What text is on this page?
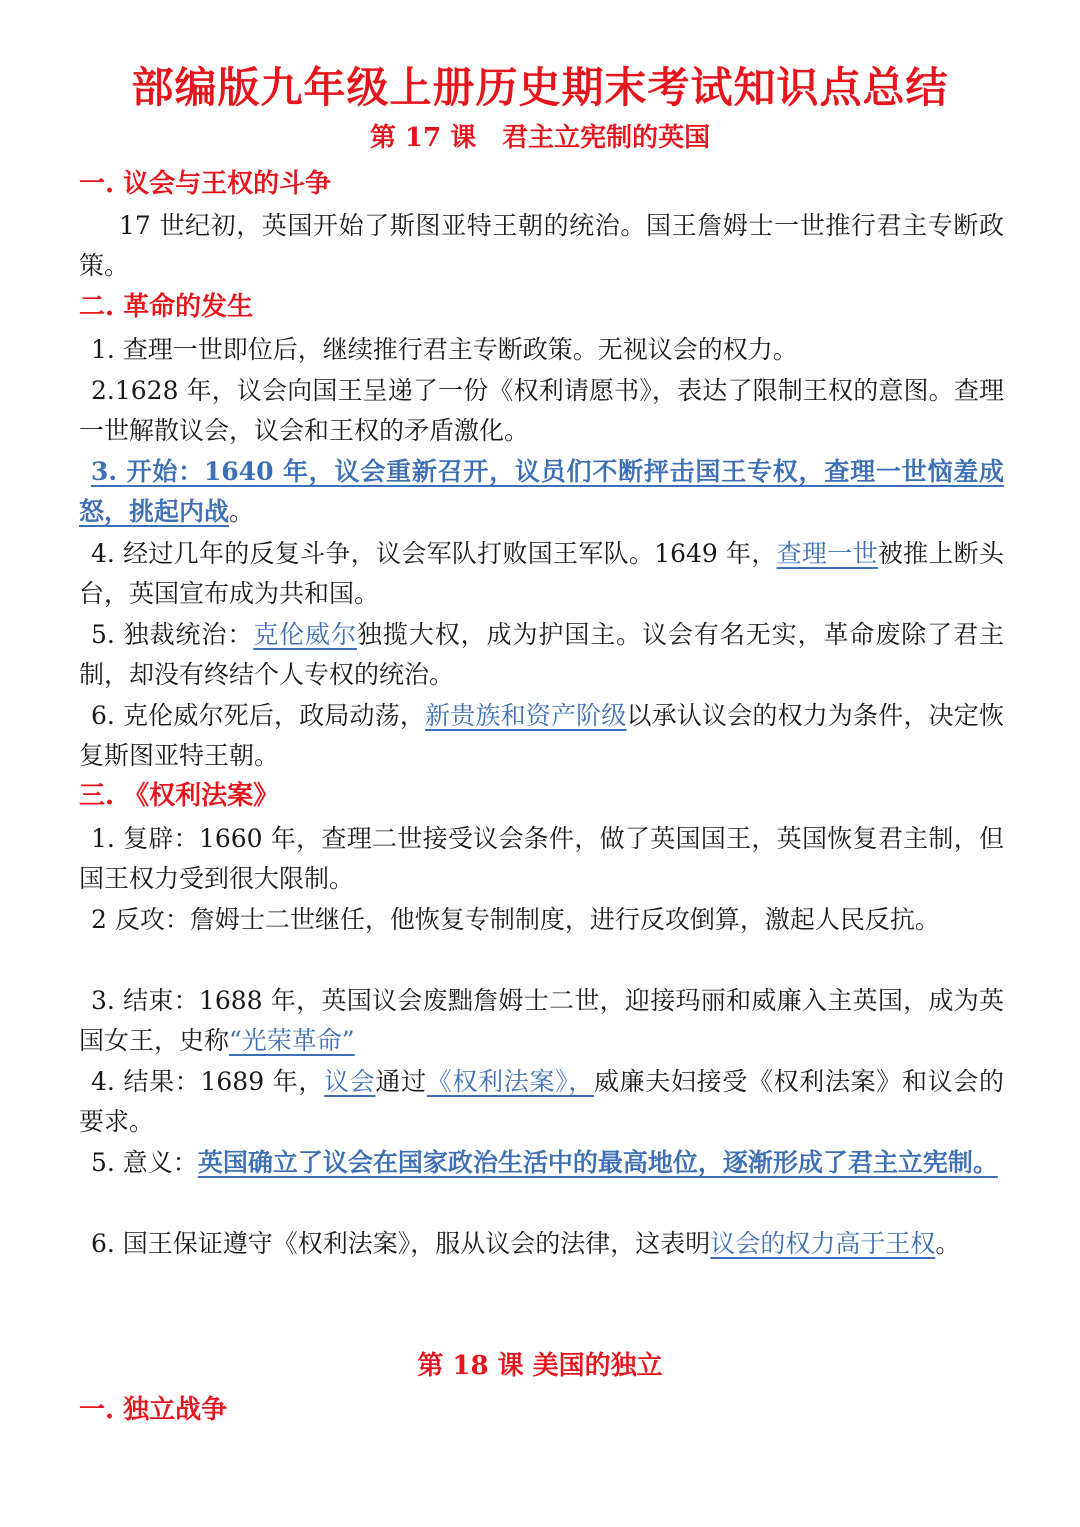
部编版九年级上册历史期末考试知识点总结
第 17 课　君主立宪制的英国
一. 议会与王权的斗争
17 世纪初，英国开始了斯图亚特王朝的统治。国王詹姆士一世推行君主专断政策。
二. 革命的发生
1. 查理一世即位后，继续推行君主专断政策。无视议会的权力。
2.1628 年，议会向国王呈递了一份《权利请愿书》，表达了限制王权的意图。查理一世解散议会，议会和王权的矛盾激化。
3. 开始：1640 年，议会重新召开，议员们不断抨击国王专权，查理一世恼羞成怒，挑起内战。
4. 经过几年的反复斗争，议会军队打败国王军队。1649 年，查理一世被推上断头台，英国宣布成为共和国。
5. 独裁统治：克伦威尔独揽大权，成为护国主。议会有名无实，革命废除了君主制，却没有终结个人专权的统治。
6. 克伦威尔死后，政局动荡，新贵族和资产阶级以承认议会的权力为条件，决定恢复斯图亚特王朝。
三. 《权利法案》
1. 复辟：1660 年，查理二世接受议会条件，做了英国国王，英国恢复君主制，但国王权力受到很大限制。
2 反攻：詹姆士二世继任，他恢复专制制度，进行反攻倒算，激起人民反抗。
3. 结束：1688 年，英国议会废黜詹姆士二世，迎接玛丽和威廉入主英国，成为英国女王，史称“光荣革命”
4. 结果：1689 年，议会通过《权利法案》，威廉夫妇接受《权利法案》和议会的要求。
5. 意义：英国确立了议会在国家政治生活中的最高地位，逐渐形成了君主立宪制。
6. 国王保证遵守《权利法案》，服从议会的法律，这表明议会的权力高于王权。
第 18 课 美国的独立
一. 独立战争
